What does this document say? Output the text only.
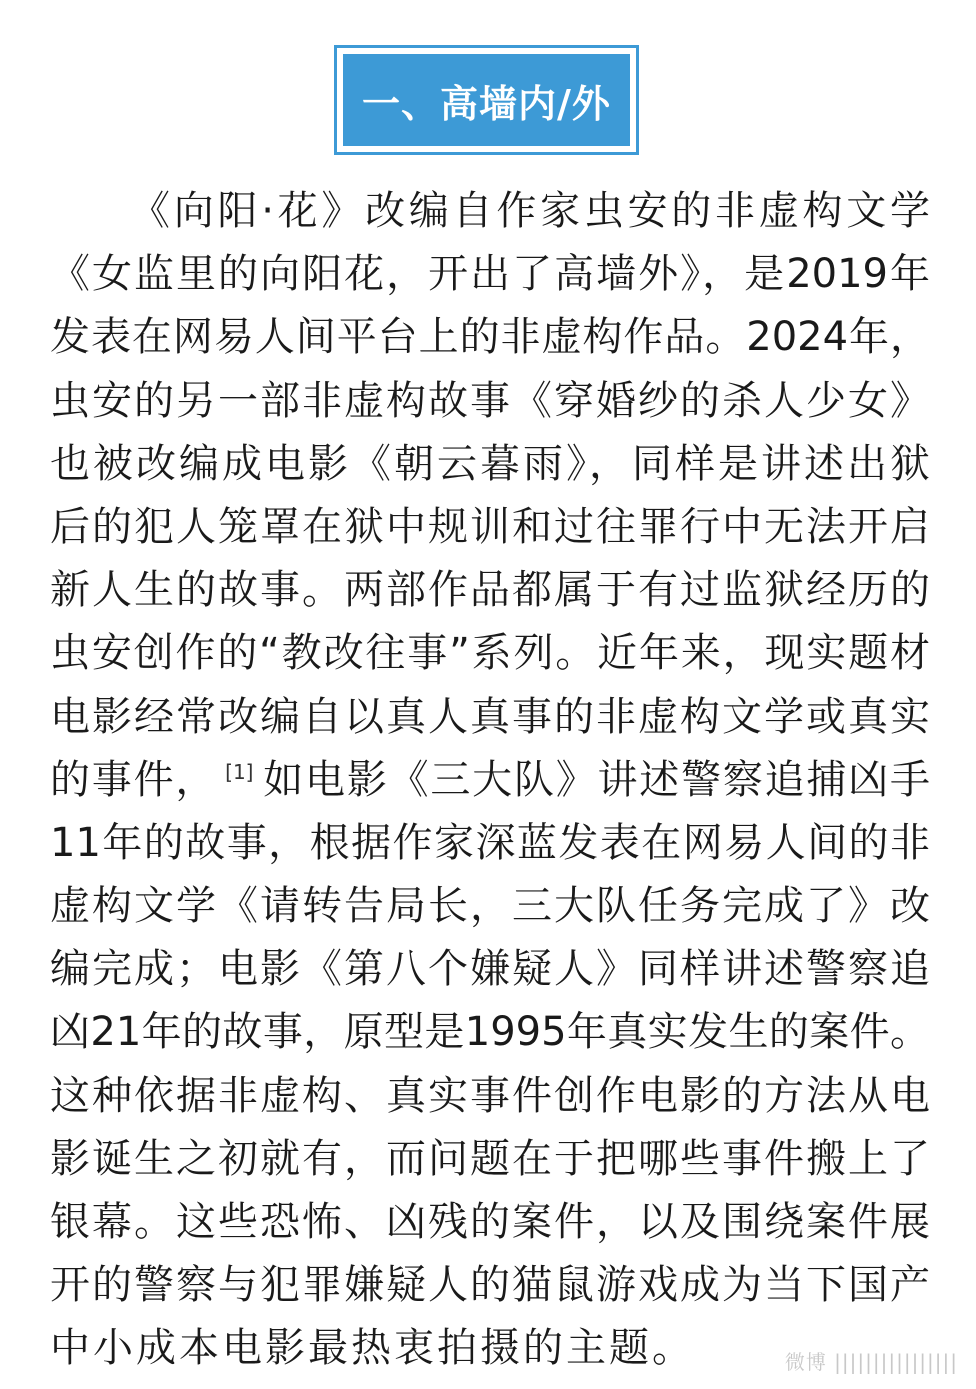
一、高墙内/外
《向阳·花》改编自作家虫安的非虚构文学
《女监里的向阳花，开出了高墙外》，是2019年
发表在网易人间平台上的非虚构作品。2024年，
虫安的另一部非虚构故事《穿婚纱的杀人少女》
也被改编成电影《朝云暮雨》，同样是讲述出狱
后的犯人笼罩在狱中规训和过往罪行中无法开启
新人生的故事。两部作品都属于有过监狱经历的
虫安创作的“教改往事”系列。近年来，现实题材
电影经常改编自以真人真事的非虚构文学或真实
的事件， [1] 如电影《三大队》讲述警察追捕凶手
11年的故事，根据作家深蓝发表在网易人间的非
虚构文学《请转告局长，三大队任务完成了》改
编完成；电影《第八个嫌疑人》同样讲述警察追
凶21年的故事，原型是1995年真实发生的案件。
这种依据非虚构、真实事件创作电影的方法从电
影诞生之初就有，而问题在于把哪些事件搬上了
银幕。这些恐怖、凶残的案件，以及围绕案件展
开的警察与犯罪嫌疑人的猫鼠游戏成为当下国产
中小成本电影最热衷拍摄的主题。	微博 ||||||||||||||||
